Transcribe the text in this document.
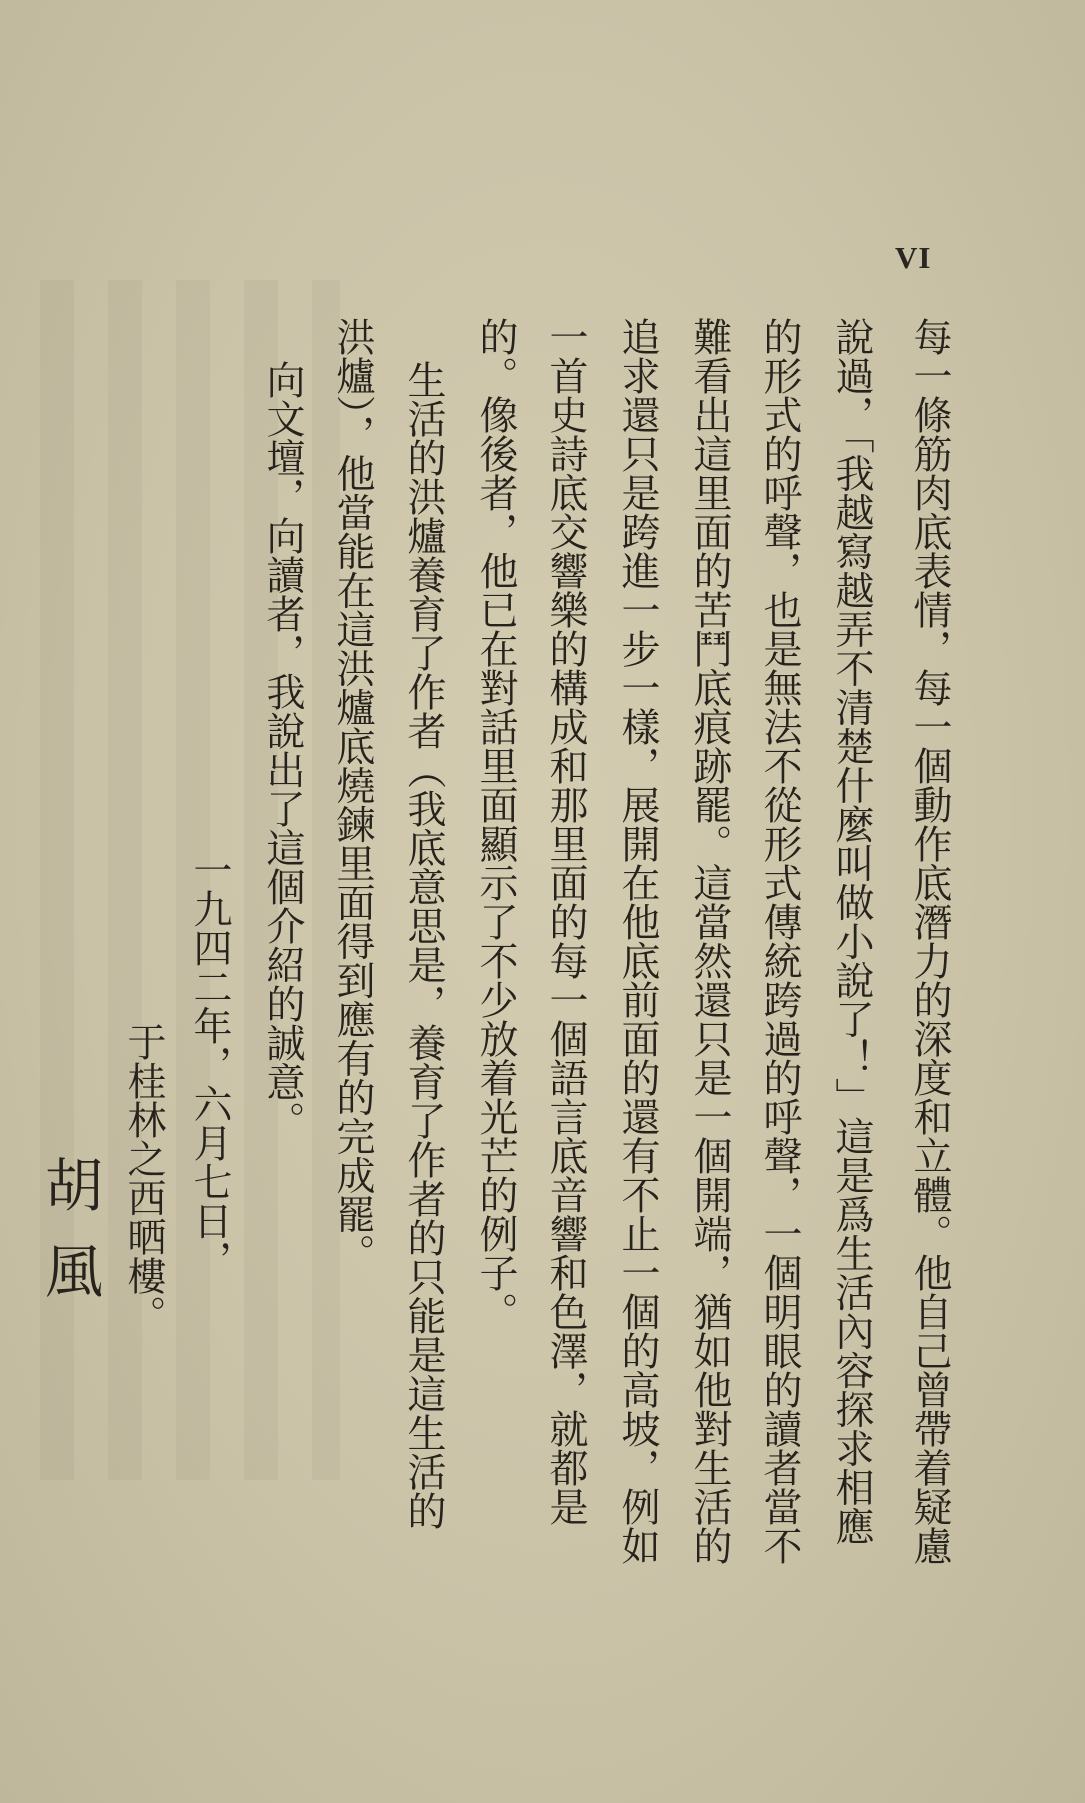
VI
每一條筋肉底表情，每一個動作底潛力的深度和立體。他自己曾帶着疑慮
說過，「我越寫越弄不清楚什麼叫做小說了！」這是爲生活內容探求相應
的形式的呼聲，也是無法不從形式傳統跨過的呼聲，一個明眼的讀者當不
難看出這里面的苦鬥底痕跡罷。這當然還只是一個開端，猶如他對生活的
追求還只是跨進一步一樣，展開在他底前面的還有不止一個的高坡，例如
一首史詩底交響樂的構成和那里面的每一個語言底音響和色澤，就都是
的。像後者，他已在對話里面顯示了不少放着光芒的例子。
生活的洪爐養育了作者（我底意思是，養育了作者的只能是這生活的
洪爐），他當能在這洪爐底燒鍊里面得到應有的完成罷。
向文壇，向讀者，我說出了這個介紹的誠意。
一九四二年，六月七日，
于桂林之西晒樓。
胡風
